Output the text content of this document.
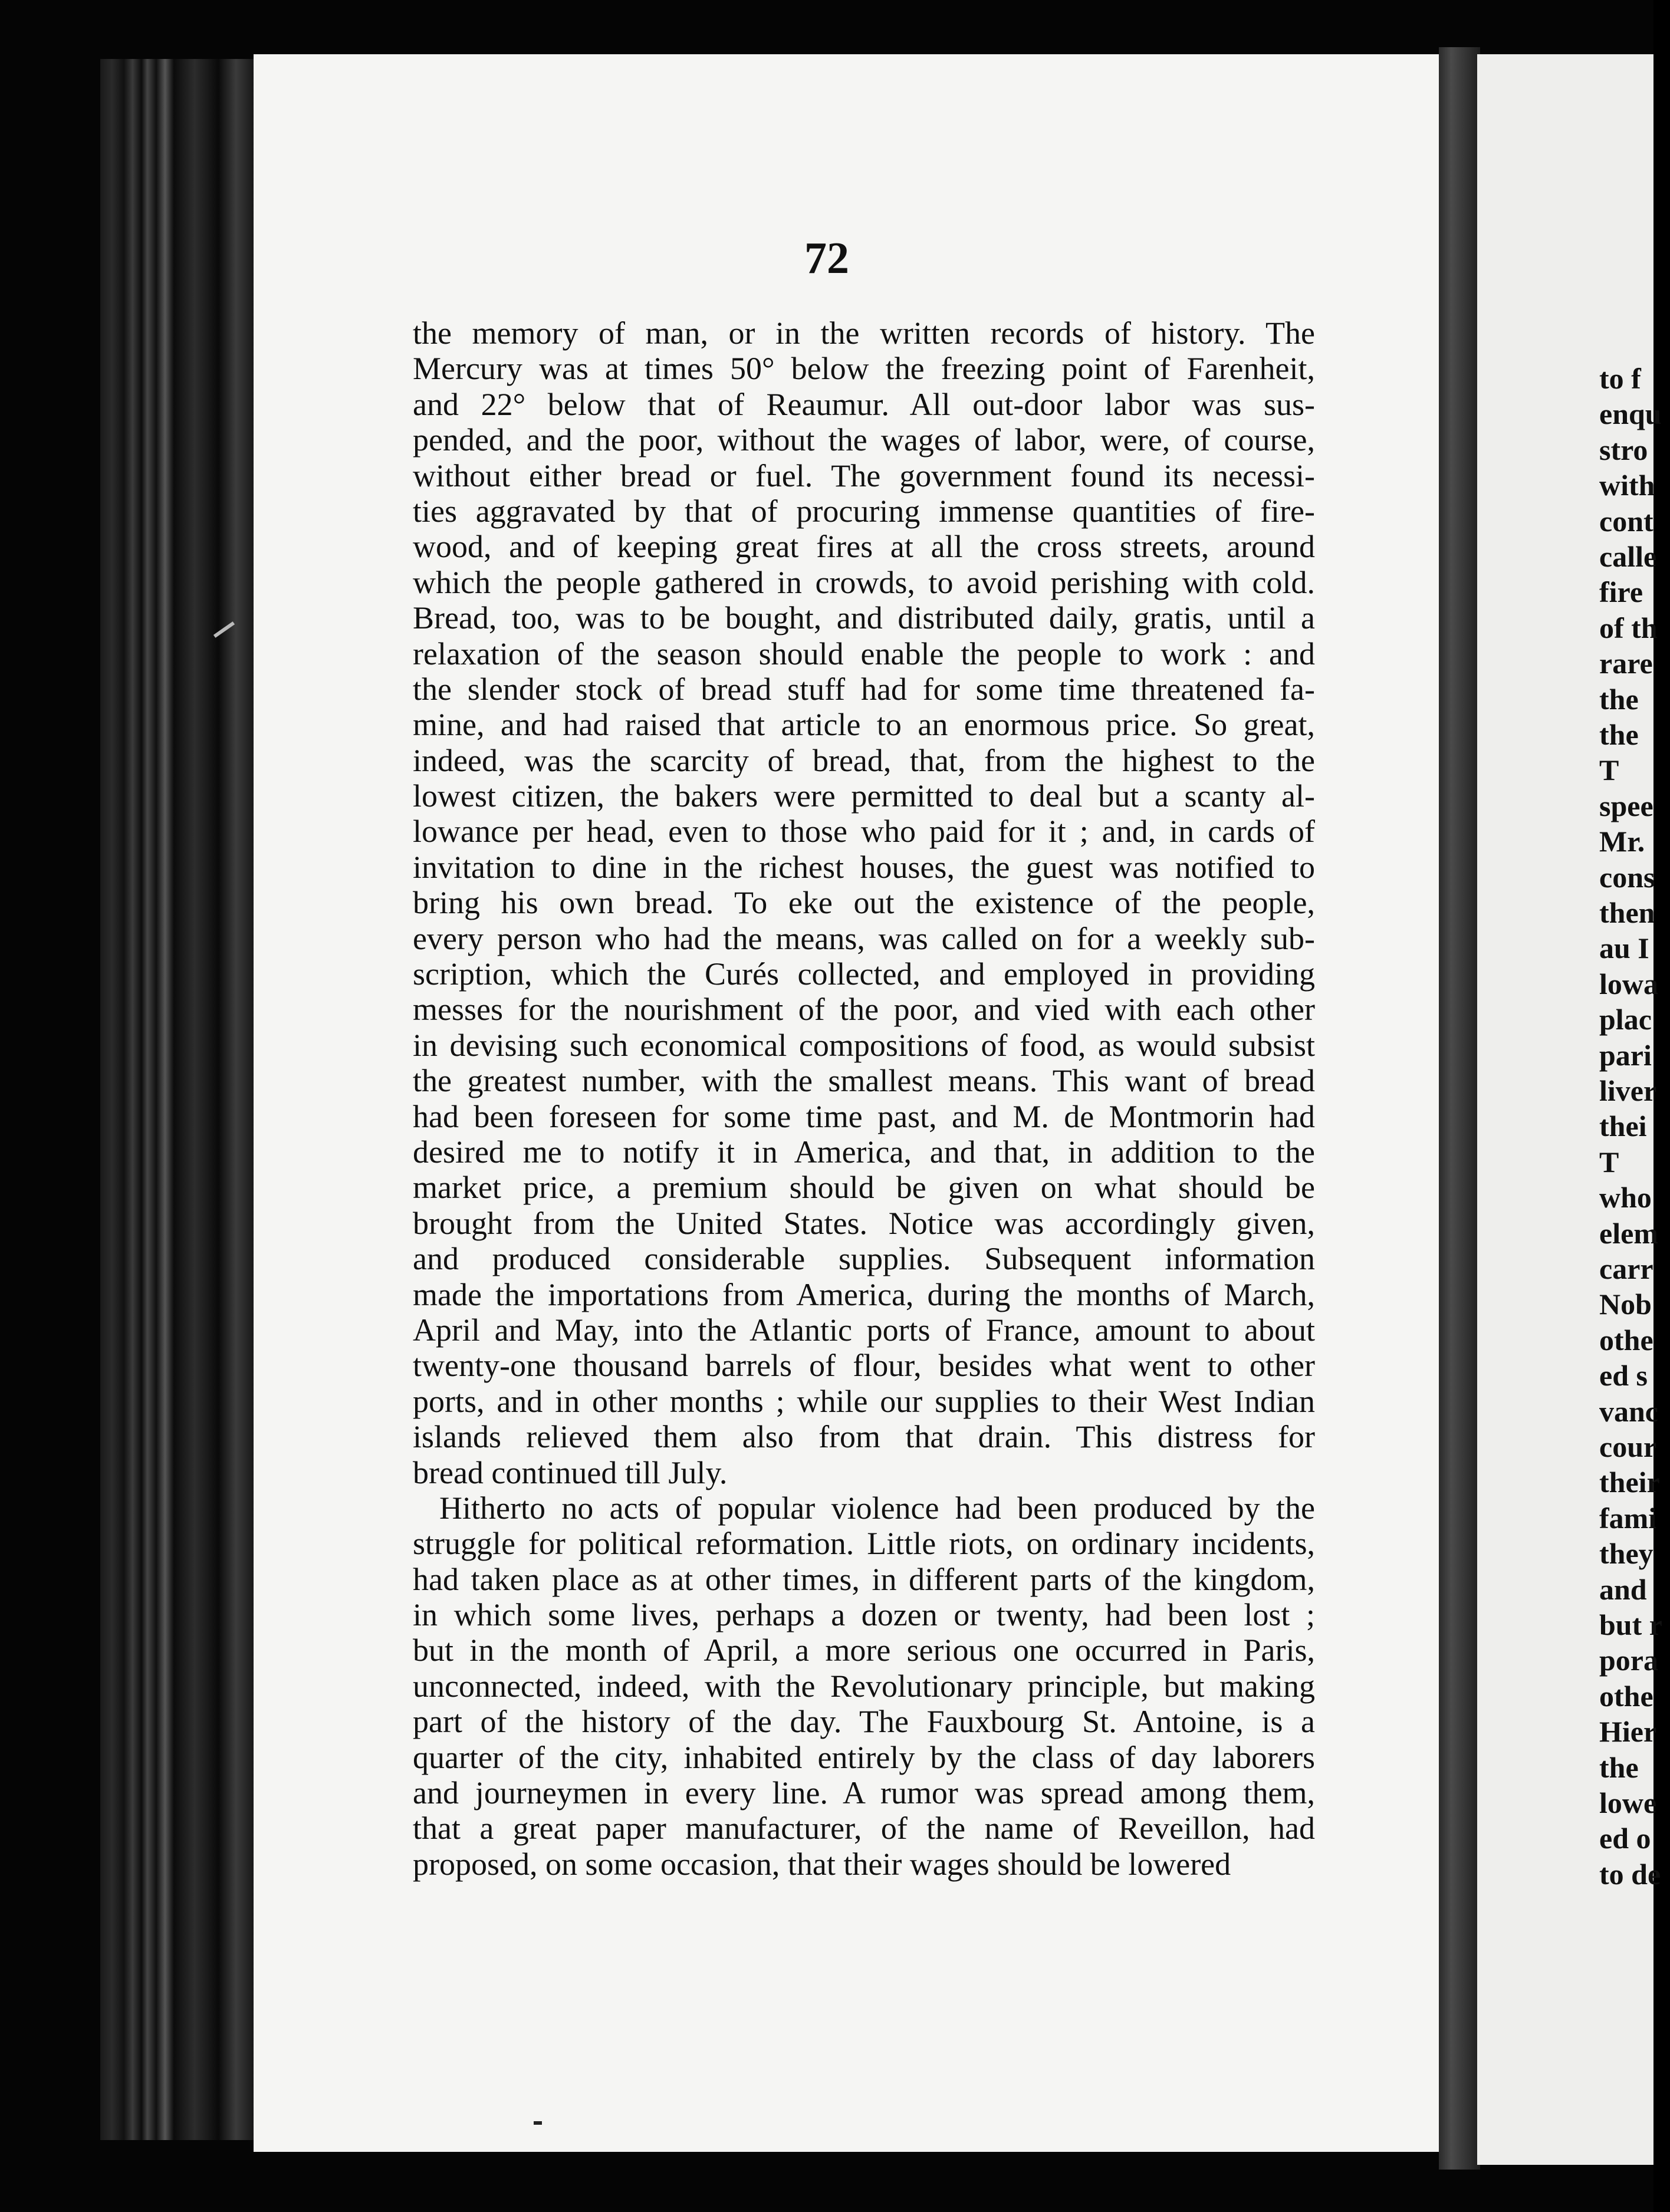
to f
enqu
stro
with
cont
calle
fire
of th
rare
the
the
T
spee
Mr.
cons
then
au I
lowa
plac
pari
liver
thei
T
who
elem
carr
Nob
othe
ed s
vanc
cour
their
fami
they
and
but r
pora
othe
Hier
the
lowe
ed o
to de
72
the memory of man, or in the written records of history. The
Mercury was at times 50° below the freezing point of Farenheit,
and 22° below that of Reaumur. All out-door labor was sus-
pended, and the poor, without the wages of labor, were, of course,
without either bread or fuel. The government found its necessi-
ties aggravated by that of procuring immense quantities of fire-
wood, and of keeping great fires at all the cross streets, around
which the people gathered in crowds, to avoid perishing with cold.
Bread, too, was to be bought, and distributed daily, gratis, until a
relaxation of the season should enable the people to work : and
the slender stock of bread stuff had for some time threatened fa-
mine, and had raised that article to an enormous price. So great,
indeed, was the scarcity of bread, that, from the highest to the
lowest citizen, the bakers were permitted to deal but a scanty al-
lowance per head, even to those who paid for it ; and, in cards of
invitation to dine in the richest houses, the guest was notified to
bring his own bread. To eke out the existence of the people,
every person who had the means, was called on for a weekly sub-
scription, which the Curés collected, and employed in providing
messes for the nourishment of the poor, and vied with each other
in devising such economical compositions of food, as would subsist
the greatest number, with the smallest means. This want of bread
had been foreseen for some time past, and M. de Montmorin had
desired me to notify it in America, and that, in addition to the
market price, a premium should be given on what should be
brought from the United States. Notice was accordingly given,
and produced considerable supplies. Subsequent information
made the importations from America, during the months of March,
April and May, into the Atlantic ports of France, amount to about
twenty-one thousand barrels of flour, besides what went to other
ports, and in other months ; while our supplies to their West Indian
islands relieved them also from that drain. This distress for
bread continued till July.
Hitherto no acts of popular violence had been produced by the
struggle for political reformation. Little riots, on ordinary incidents,
had taken place as at other times, in different parts of the kingdom,
in which some lives, perhaps a dozen or twenty, had been lost ;
but in the month of April, a more serious one occurred in Paris,
unconnected, indeed, with the Revolutionary principle, but making
part of the history of the day. The Fauxbourg St. Antoine, is a
quarter of the city, inhabited entirely by the class of day laborers
and journeymen in every line. A rumor was spread among them,
that a great paper manufacturer, of the name of Reveillon, had
proposed, on some occasion, that their wages should be lowered
